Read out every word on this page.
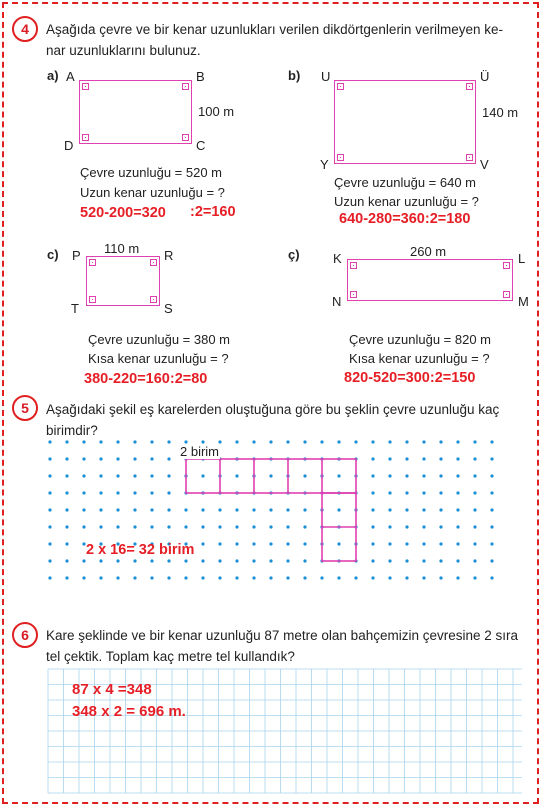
4	Aşağıda çevre ve bir kenar uzunlukları verilen dikdörtgenlerin verilmeyen ke-
nar uzunluklarını bulunuz.
a) A	B
D	C
100 m
Çevre uzunluğu = 520 m
Uzun kenar uzunluğu = ?
520-200=320 :2=160
b) U	Ü
Y	V
140 m
Çevre uzunluğu = 640 m
Uzun kenar uzunluğu = ?
640-280=360:2=180
c)	110 m
P	R
T	S
Çevre uzunluğu = 380 m
Kısa kenar uzunluğu = ?
380-220=160:2=80
ç)	260 m
K	L
N	M
Çevre uzunluğu = 820 m
Kısa kenar uzunluğu = ?
820-520=300:2=150
5	Aşağıdaki şekil eş karelerden oluştuğuna göre bu şeklin çevre uzunluğu kaç
birimdir?
2 birim
2 x 16= 32 birim
6	Kare şeklinde ve bir kenar uzunluğu 87 metre olan bahçemizin çevresine 2 sıra
tel çektik. Toplam kaç metre tel kullandık?
87 x 4 =348
348 x 2 = 696 m.
